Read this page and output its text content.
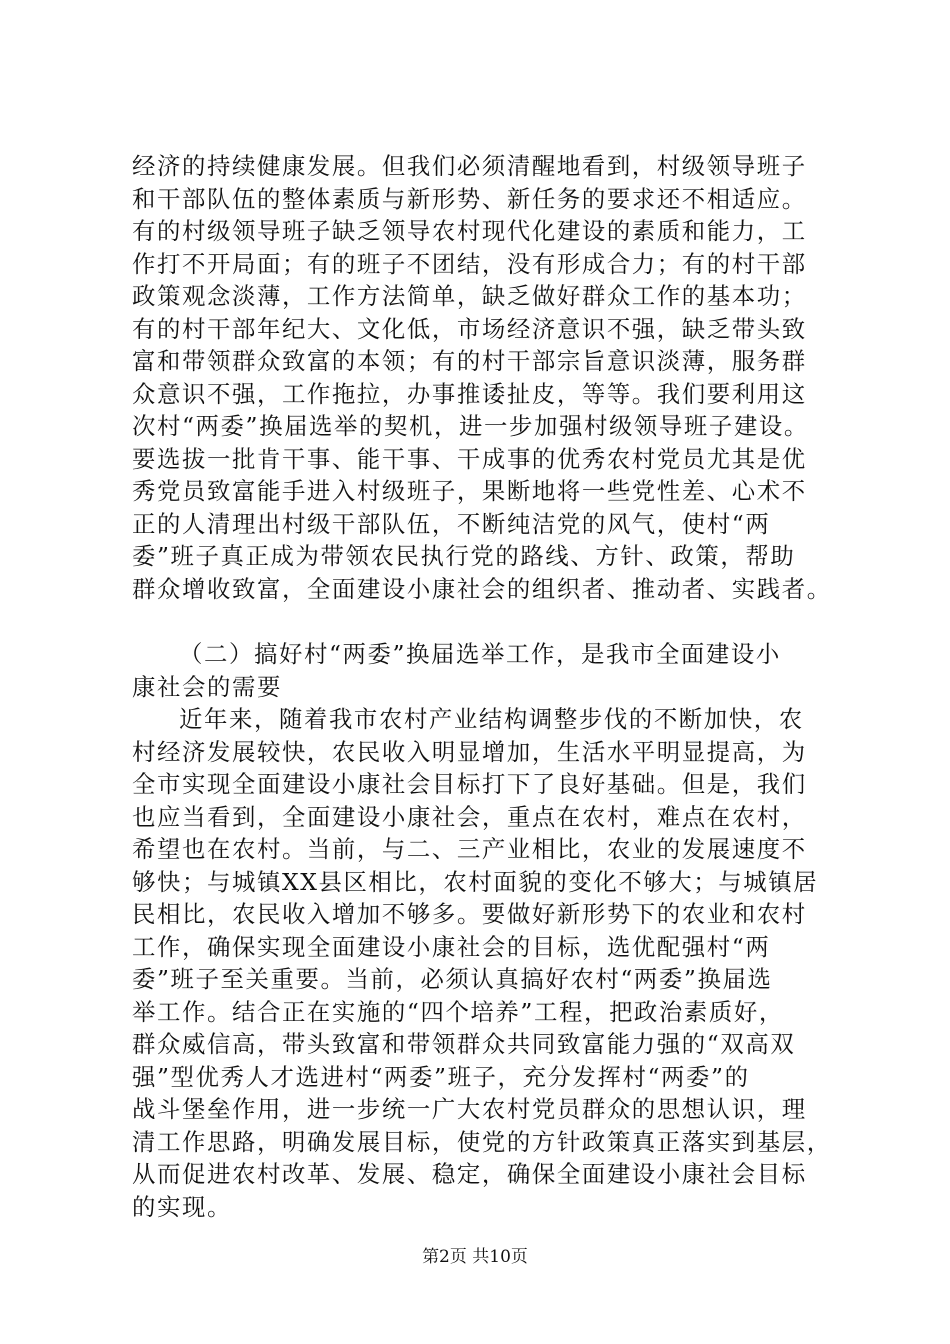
经济的持续健康发展。但我们必须清醒地看到，村级领导班子
和干部队伍的整体素质与新形势、新任务的要求还不相适应。
有的村级领导班子缺乏领导农村现代化建设的素质和能力，工
作打不开局面；有的班子不团结，没有形成合力；有的村干部
政策观念淡薄，工作方法简单，缺乏做好群众工作的基本功；
有的村干部年纪大、文化低，市场经济意识不强，缺乏带头致
富和带领群众致富的本领；有的村干部宗旨意识淡薄，服务群
众意识不强，工作拖拉，办事推诿扯皮，等等。我们要利用这
次村“两委”换届选举的契机，进一步加强村级领导班子建设。
要选拔一批肯干事、能干事、干成事的优秀农村党员尤其是优
秀党员致富能手进入村级班子，果断地将一些党性差、心术不
正的人清理出村级干部队伍，不断纯洁党的风气，使村“两
委”班子真正成为带领农民执行党的路线、方针、政策，帮助
群众增收致富，全面建设小康社会的组织者、推动者、实践者。
（二）搞好村“两委”换届选举工作，是我市全面建设小
康社会的需要
近年来，随着我市农村产业结构调整步伐的不断加快，农
村经济发展较快，农民收入明显增加，生活水平明显提高，为
全市实现全面建设小康社会目标打下了良好基础。但是，我们
也应当看到，全面建设小康社会，重点在农村，难点在农村，
希望也在农村。当前，与二、三产业相比，农业的发展速度不
够快；与城镇XX县区相比，农村面貌的变化不够大；与城镇居
民相比，农民收入增加不够多。要做好新形势下的农业和农村
工作，确保实现全面建设小康社会的目标，选优配强村“两
委”班子至关重要。当前，必须认真搞好农村“两委”换届选
举工作。结合正在实施的“四个培养”工程，把政治素质好，
群众威信高，带头致富和带领群众共同致富能力强的“双高双
强”型优秀人才选进村“两委”班子，充分发挥村“两委”的
战斗堡垒作用，进一步统一广大农村党员群众的思想认识，理
清工作思路，明确发展目标，使党的方针政策真正落实到基层，
从而促进农村改革、发展、稳定，确保全面建设小康社会目标
的实现。
第2页 共10页
